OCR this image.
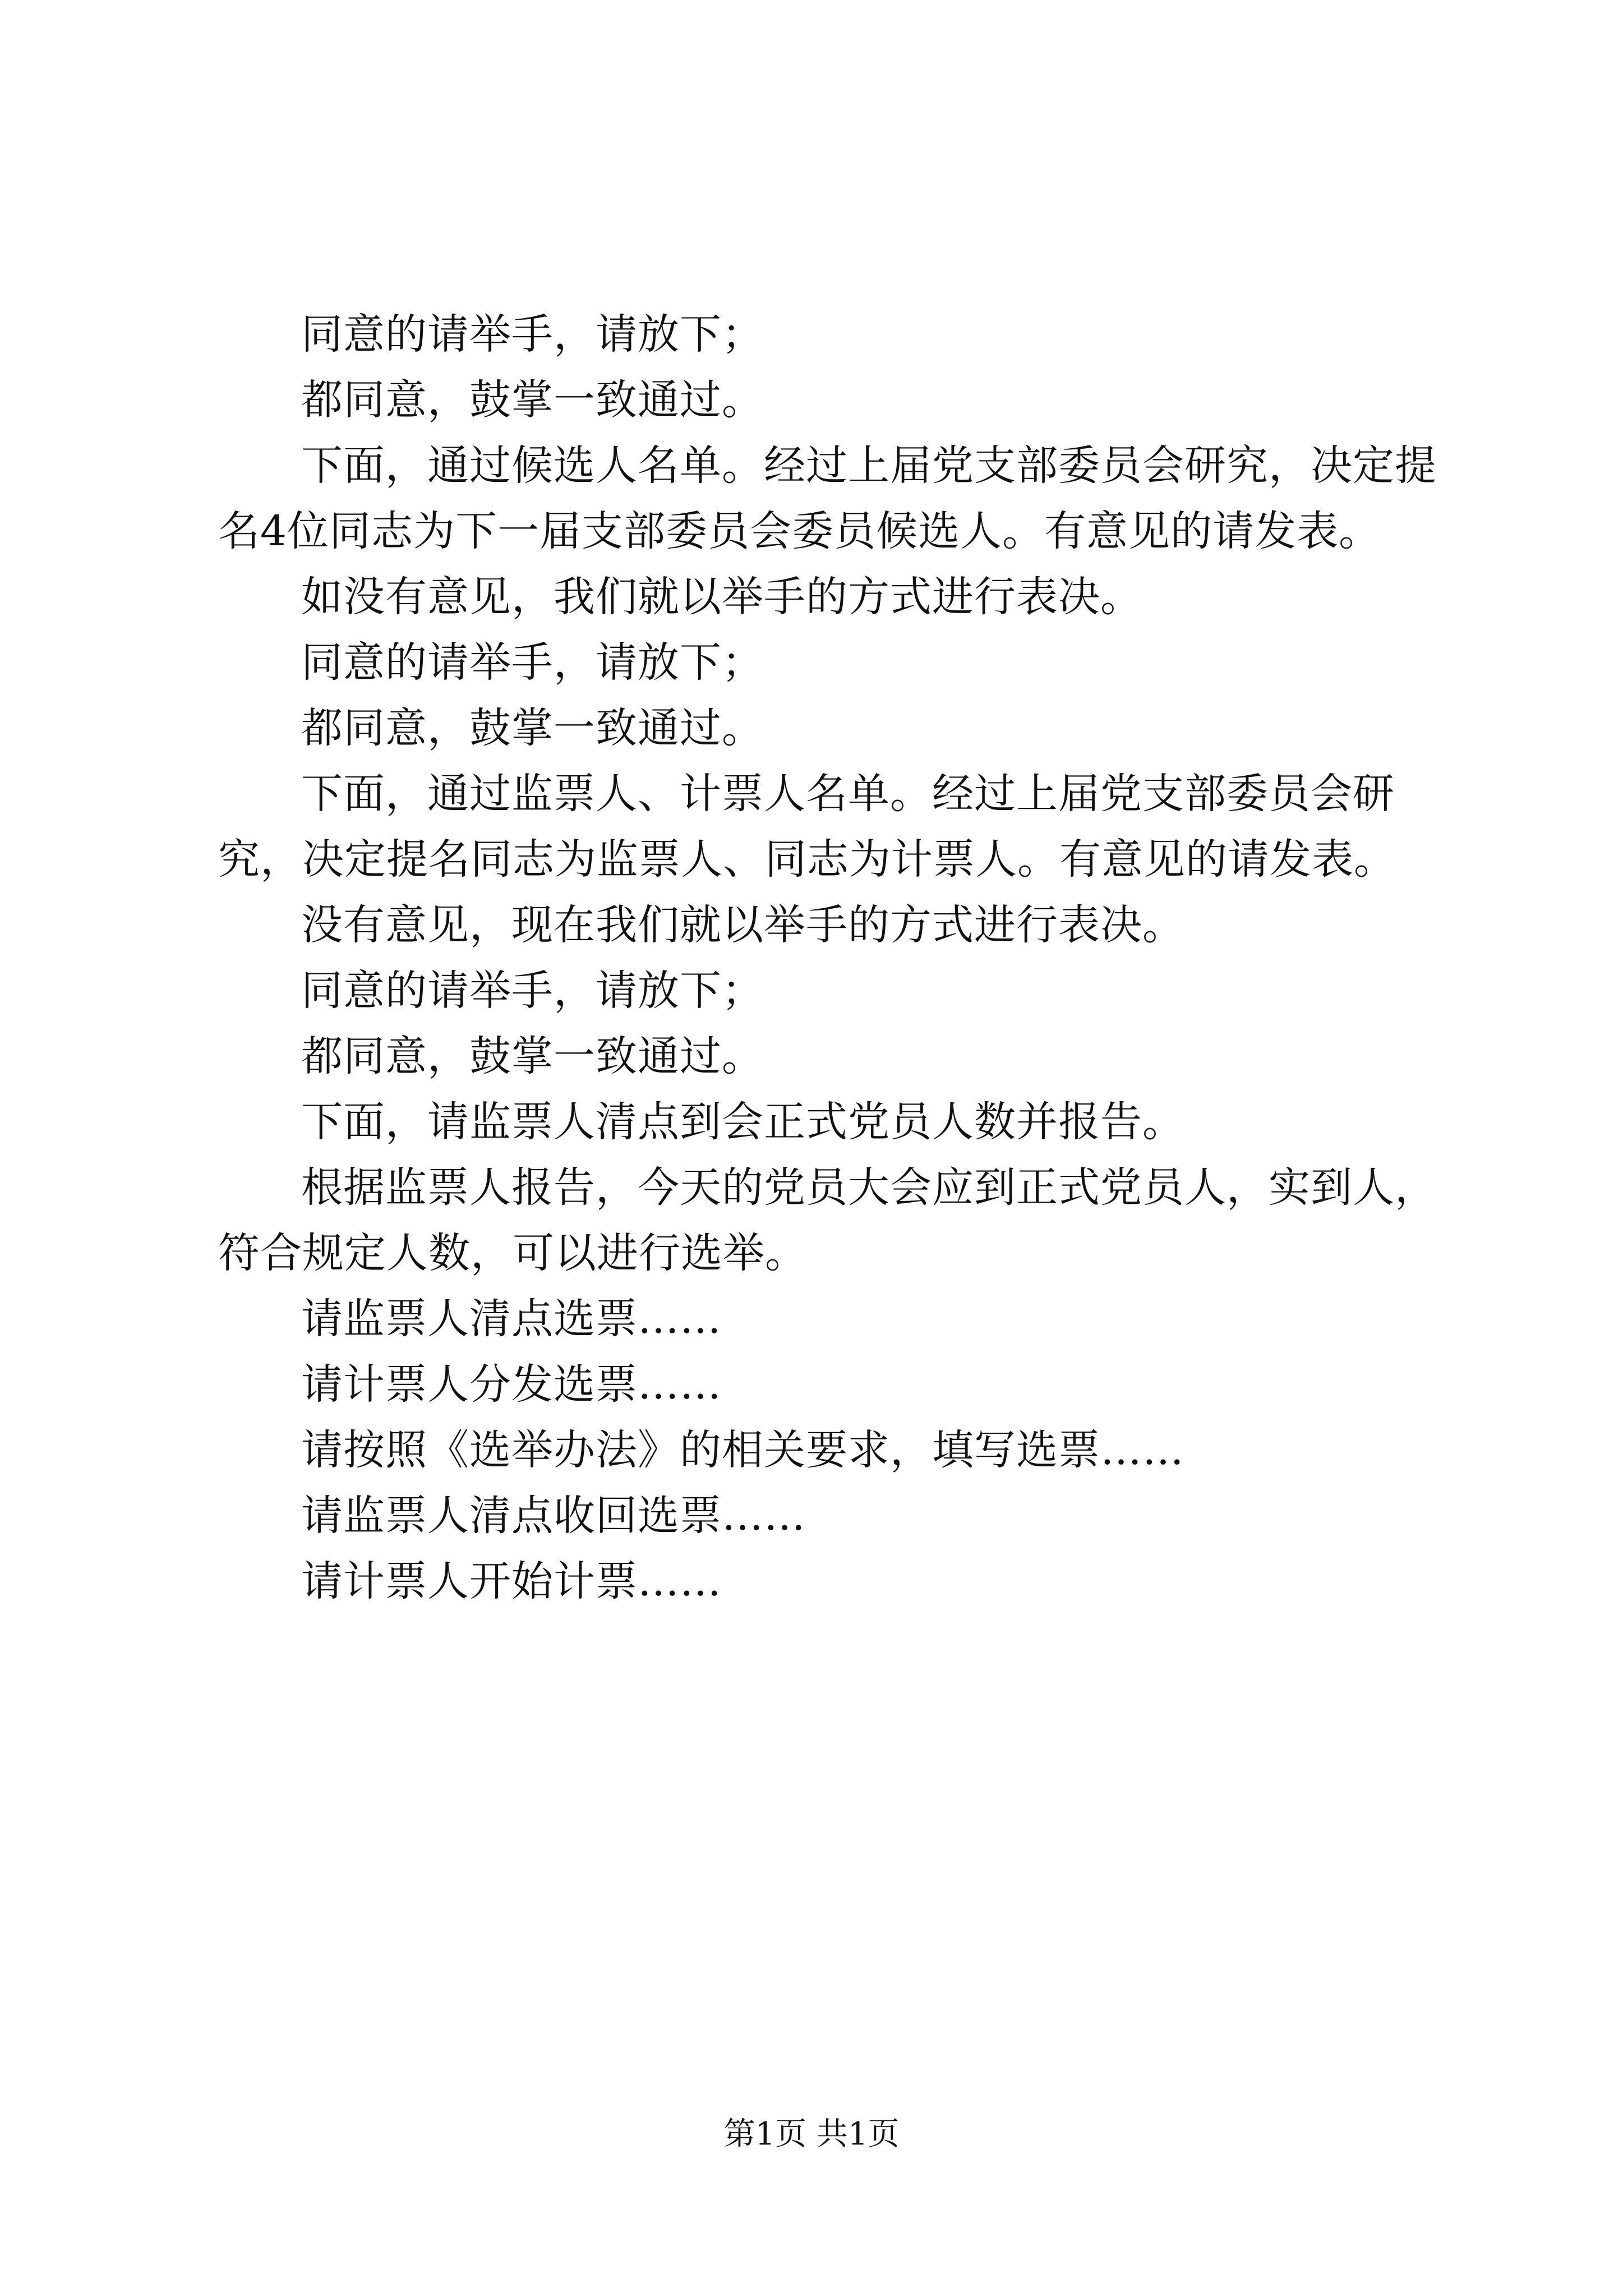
同意的请举手，请放下；

都同意，鼓掌一致通过。

下面，通过候选人名单。经过上届党支部委员会研究，决定提名4位同志为下一届支部委员会委员候选人。有意见的请发表。

如没有意见，我们就以举手的方式进行表决。

同意的请举手，请放下；

都同意，鼓掌一致通过。

下面，通过监票人、计票人名单。经过上届党支部委员会研究，决定提名同志为监票人、同志为计票人。有意见的请发表。

没有意见，现在我们就以举手的方式进行表决。

同意的请举手，请放下；

都同意，鼓掌一致通过。

下面，请监票人清点到会正式党员人数并报告。

根据监票人报告，今天的党员大会应到正式党员人，实到人，符合规定人数，可以进行选举。

请监票人清点选票……

请计票人分发选票……

请按照《选举办法》的相关要求，填写选票……

请监票人清点收回选票……

请计票人开始计票……

第1页 共1页
